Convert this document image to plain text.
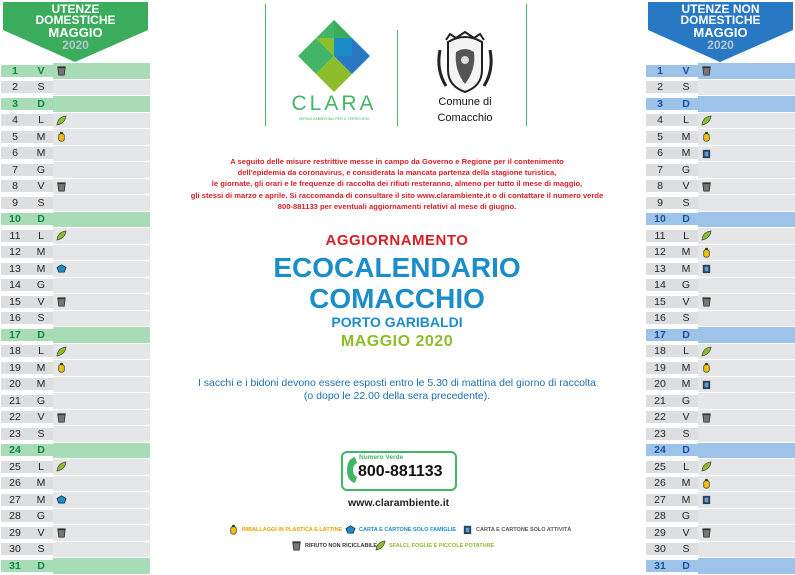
UTENZE
DOMESTICHE
MAGGIO
2020
1	V
2	S
3	D
4	L
5	M
6	M
7	G
8	V
9	S
10	D
11	L
12	M
13	M
14	G
15	V
16	S
17	D
18	L
19	M
20	M
21	G
22	V
23	S
24	D
25	L
26	M
27	M
28	G
29	V
30	S
31	D
UTENZE NON
DOMESTICHE
MAGGIO
2020
1	V
2	S
3	D
4	L
5	M
6	M
7	G
8	V
9	S
10	D
11	L
12	M
13	M
14	G
15	V
16	S
17	D
18	L
19	M
20	M
21	G
22	V
23	S
24	D
25	L
26	M
27	M
28	G
29	V
30	S
31	D
CLARA
SERVIZI AMBIENTALI PER IL TERRITORIO
Comune di
Comacchio
A seguito delle misure restrittive messe in campo da Governo e Regione per il contenimento
dell'epidemia da coronavirus, e considerata la mancata partenza della stagione turistica,
le giornate, gli orari e le frequenze di raccolta dei rifiuti resteranno, almeno per tutto il mese di maggio,
gli stessi di marzo e aprile. Si raccomanda di consultare il sito www.clarambiente.it o di contattare il numero verde
800-881133 per eventuali aggiornamenti relativi al mese di giugno.
AGGIORNAMENTO
ECOCALENDARIO
COMACCHIO
PORTO GARIBALDI
MAGGIO 2020
I sacchi e i bidoni devono essere esposti entro le 5.30 di mattina del giorno di raccolta
(o dopo le 22.00 della sera precedente).
Numero Verde
800-881133
www.clarambiente.it
IMBALLAGGI IN PLASTICA E LATTINE	CARTA E CARTONE SOLO FAMIGLIE	CARTA E CARTONE SOLO ATTIVITÀ
RIFIUTO NON RICICLABILE SFALCI, FOGLIE E PICCOLE POTATURE
